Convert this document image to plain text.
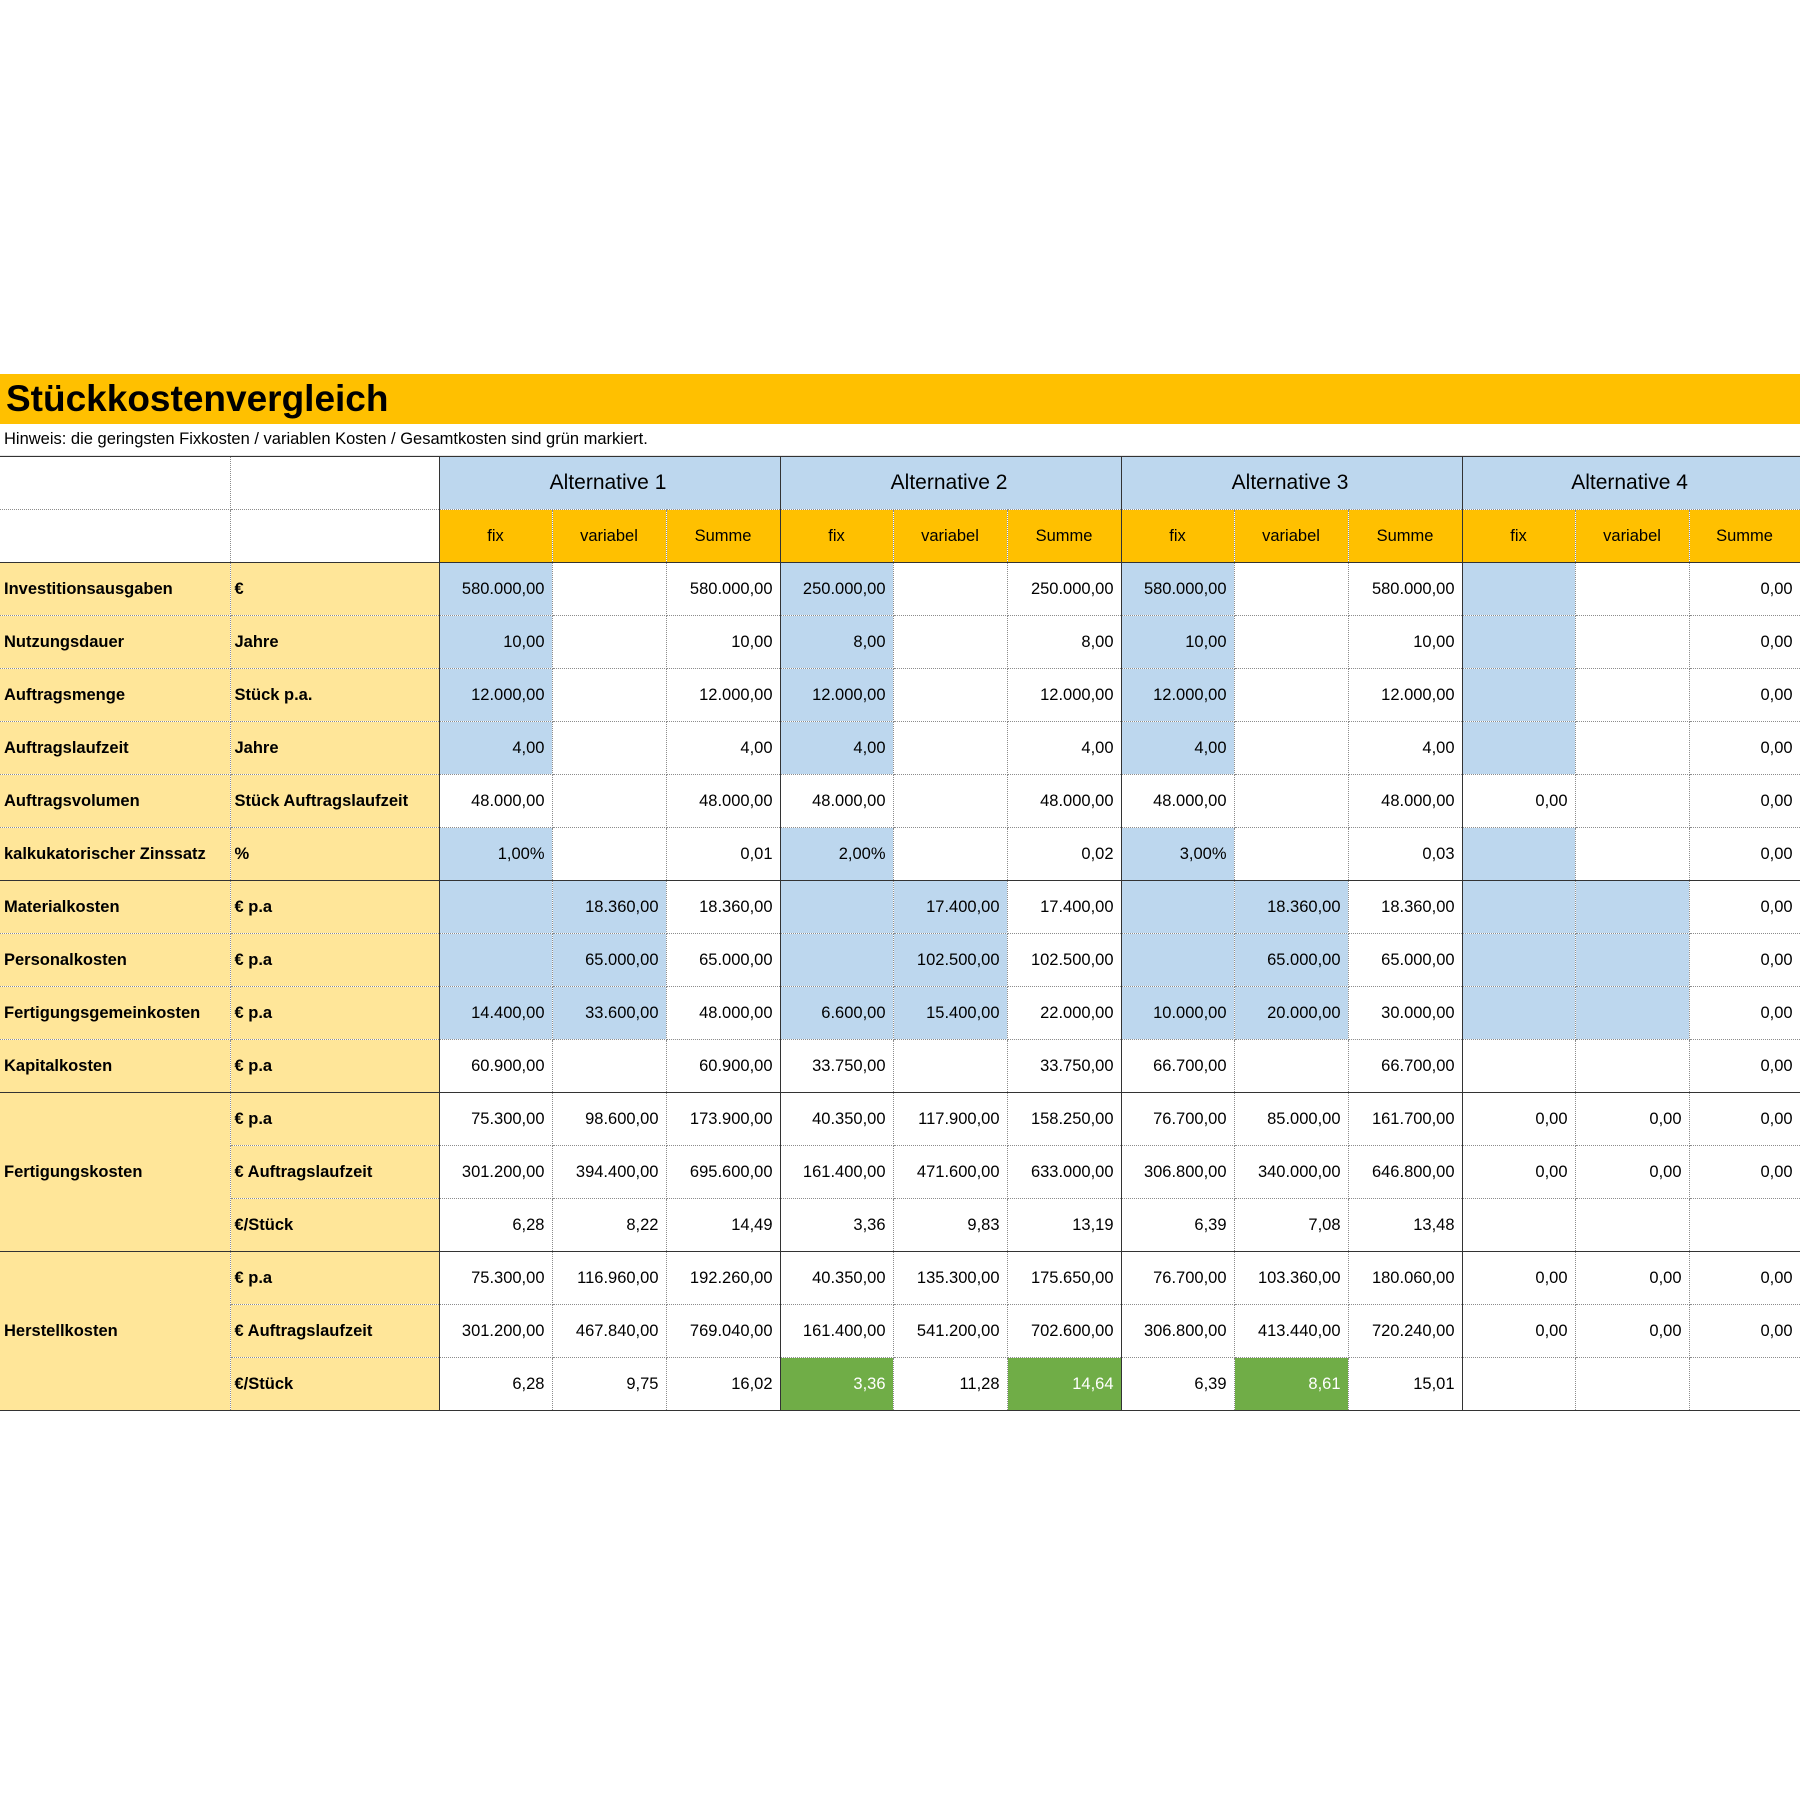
Stückkostenvergleich
Hinweis: die geringsten Fixkosten / variablen Kosten / Gesamtkosten sind grün markiert.
		Alternative 1			Alternative 2			Alternative 3			Alternative 4		
		fix	variabel	Summe	fix	variabel	Summe	fix	variabel	Summe	fix	variabel	Summe
Investitionsausgaben	€	580.000,00		580.000,00	250.000,00		250.000,00	580.000,00		580.000,00			0,00
Nutzungsdauer	Jahre	10,00		10,00	8,00		8,00	10,00		10,00			0,00
Auftragsmenge	Stück p.a.	12.000,00		12.000,00	12.000,00		12.000,00	12.000,00		12.000,00			0,00
Auftragslaufzeit	Jahre	4,00		4,00	4,00		4,00	4,00		4,00			0,00
Auftragsvolumen	Stück Auftragslaufzeit	48.000,00		48.000,00	48.000,00		48.000,00	48.000,00		48.000,00	0,00		0,00
kalkukatorischer Zinssatz	%	1,00%		0,01	2,00%		0,02	3,00%		0,03			0,00
Materialkosten	€ p.a		18.360,00	18.360,00		17.400,00	17.400,00		18.360,00	18.360,00			0,00
Personalkosten	€ p.a		65.000,00	65.000,00		102.500,00	102.500,00		65.000,00	65.000,00			0,00
Fertigungsgemeinkosten	€ p.a	14.400,00	33.600,00	48.000,00	6.600,00	15.400,00	22.000,00	10.000,00	20.000,00	30.000,00			0,00
Kapitalkosten	€ p.a	60.900,00		60.900,00	33.750,00		33.750,00	66.700,00		66.700,00			0,00
Fertigungskosten	€ p.a	75.300,00	98.600,00	173.900,00	40.350,00	117.900,00	158.250,00	76.700,00	85.000,00	161.700,00	0,00	0,00	0,00
	€ Auftragslaufzeit	301.200,00	394.400,00	695.600,00	161.400,00	471.600,00	633.000,00	306.800,00	340.000,00	646.800,00	0,00	0,00	0,00
	€/Stück	6,28	8,22	14,49	3,36	9,83	13,19	6,39	7,08	13,48			
Herstellkosten	€ p.a	75.300,00	116.960,00	192.260,00	40.350,00	135.300,00	175.650,00	76.700,00	103.360,00	180.060,00	0,00	0,00	0,00
	€ Auftragslaufzeit	301.200,00	467.840,00	769.040,00	161.400,00	541.200,00	702.600,00	306.800,00	413.440,00	720.240,00	0,00	0,00	0,00
	€/Stück	6,28	9,75	16,02	3,36	11,28	14,64	6,39	8,61	15,01			
